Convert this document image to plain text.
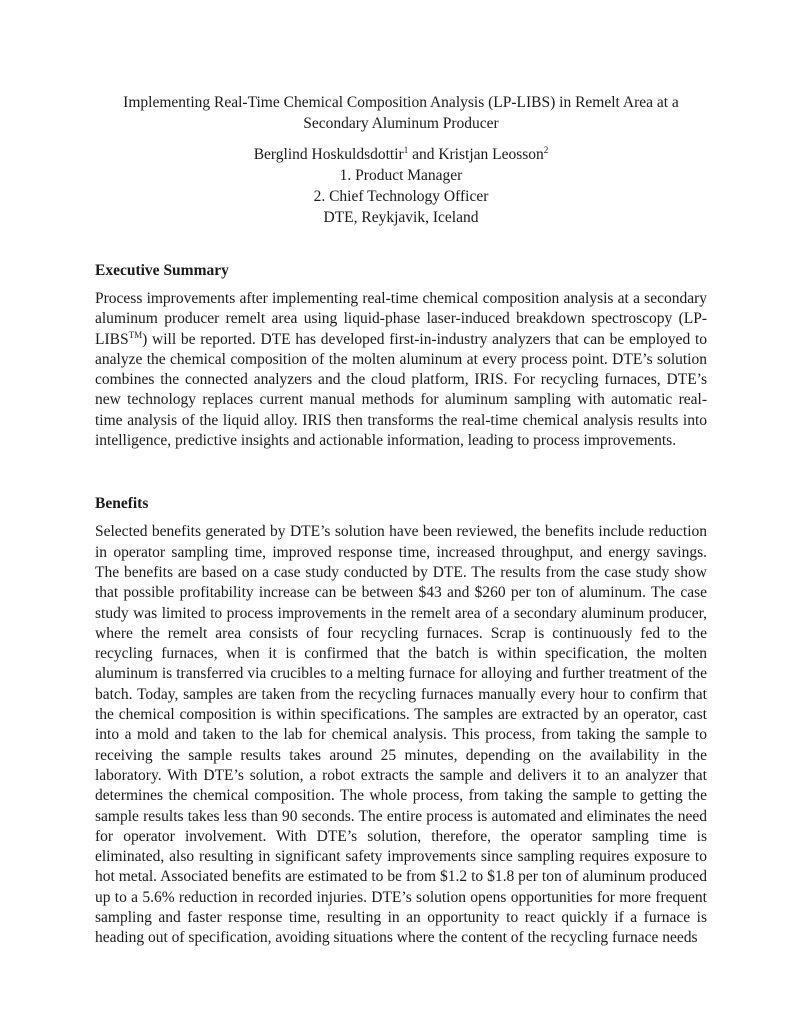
Implementing Real-Time Chemical Composition Analysis (LP-LIBS) in Remelt Area at a
Secondary Aluminum Producer
Berglind Hoskuldsdottir$^1$ and Kristjan Leosson$^2$
1. Product Manager
2. Chief Technology Officer
DTE, Reykjavik, Iceland
Executive Summary

Process improvements after implementing real-time chemical composition analysis at a secondary aluminum producer remelt area using liquid-phase laser-induced breakdown spectroscopy (LP-LIBS™) will be reported. DTE has developed first-in-industry analyzers that can be employed to analyze the chemical composition of the molten aluminum at every process point. DTE’s solution combines the connected analyzers and the cloud platform, IRIS. For recycling furnaces, DTE’s new technology replaces current manual methods for aluminum sampling with automatic real-time analysis of the liquid alloy. IRIS then transforms the real-time chemical analysis results into intelligence, predictive insights and actionable information, leading to process improvements.

Benefits

Selected benefits generated by DTE’s solution have been reviewed, the benefits include reduction in operator sampling time, improved response time, increased throughput, and energy savings. The benefits are based on a case study conducted by DTE. The results from the case study show that possible profitability increase can be between $43 and $260 per ton of aluminum. The case study was limited to process improvements in the remelt area of a secondary aluminum producer, where the remelt area consists of four recycling furnaces. Scrap is continuously fed to the recycling furnaces, when it is confirmed that the batch is within specification, the molten aluminum is transferred via crucibles to a melting furnace for alloying and further treatment of the batch. Today, samples are taken from the recycling furnaces manually every hour to confirm that the chemical composition is within specifications. The samples are extracted by an operator, cast into a mold and taken to the lab for chemical analysis. This process, from taking the sample to receiving the sample results takes around 25 minutes, depending on the availability in the laboratory. With DTE’s solution, a robot extracts the sample and delivers it to an analyzer that determines the chemical composition. The whole process, from taking the sample to getting the sample results takes less than 90 seconds. The entire process is automated and eliminates the need for operator involvement. With DTE’s solution, therefore, the operator sampling time is eliminated, also resulting in significant safety improvements since sampling requires exposure to hot metal. Associated benefits are estimated to be from $1.2 to $1.8 per ton of aluminum produced up to a 5.6% reduction in recorded injuries. DTE’s solution opens opportunities for more frequent sampling and faster response time, resulting in an opportunity to react quickly if a furnace is heading out of specification, avoiding situations where the content of the recycling furnace needs
